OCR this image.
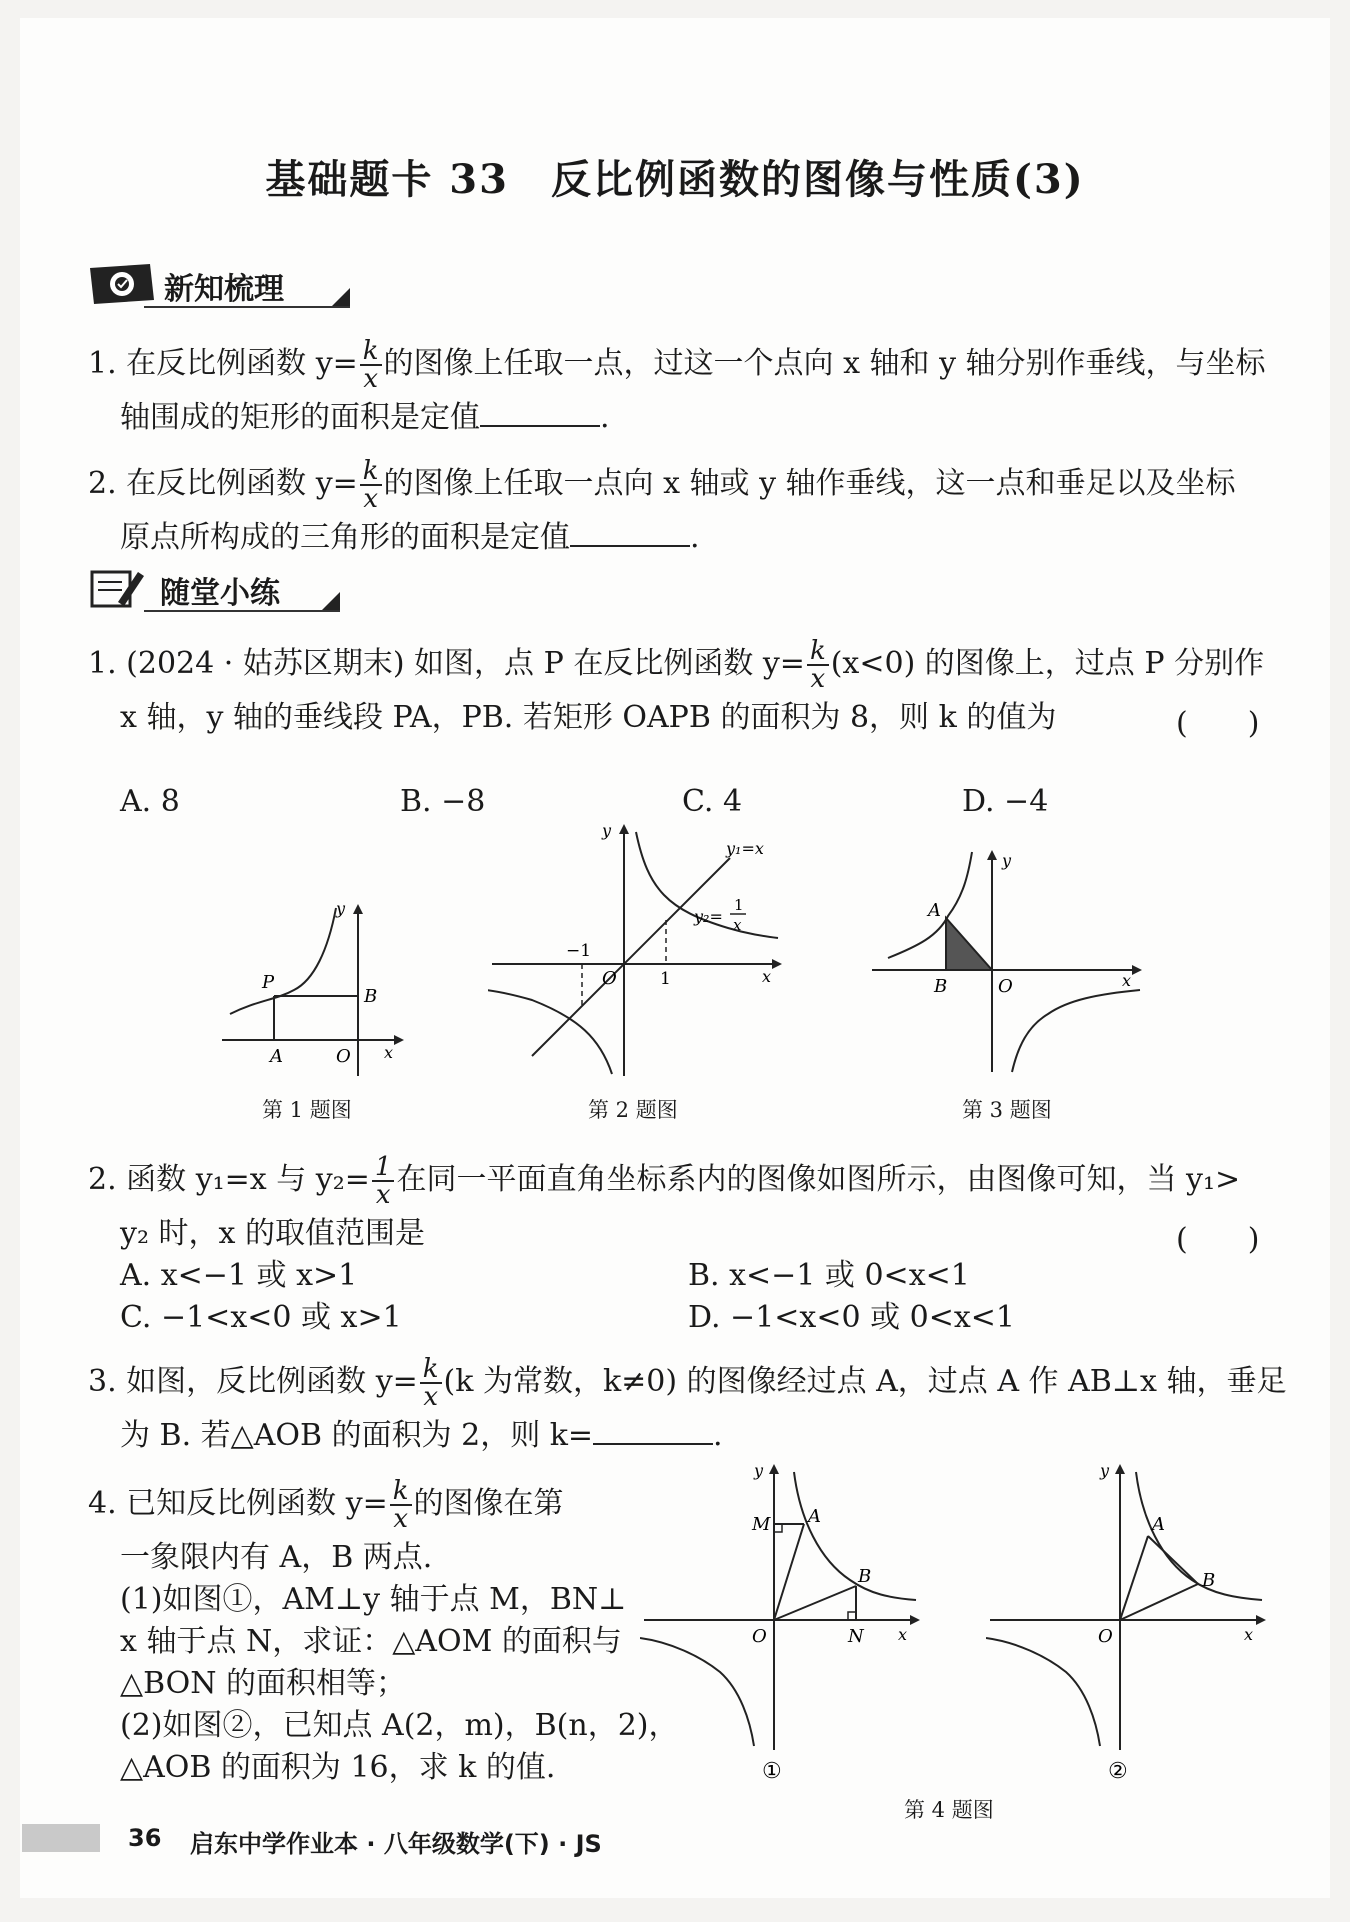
基础题卡 33　反比例函数的图像与性质(3)
新知梳理
1. 在反比例函数 $y= \frac{k}{x}$ 的图像上任取一点，过这一个点向 x 轴和 y 轴分别作垂线，与坐标
轴围成的矩形的面积是定值	.
2. 在反比例函数 $y= \frac{k}{x}$ 的图像上任取一点向 x 轴或 y 轴作垂线，这一点和垂足以及坐标
原点所构成的三角形的面积是定值	.
随堂小练
1. (2024 · 姑苏区期末) 如图，点 P 在反比例函数 $y= \frac{k}{x} (x<0)$ 的图像上，过点 P 分别作
x 轴，y 轴的垂线段 PA，PB. 若矩形 OAPB 的面积为 8，则 k 的值为	(　　)
A. 8	B. −8	C. 4	D. −4
P
A
B
O x
y
第 1 题图
−1
1
O	x
y
y₁=x
y₂=
1
x
第 2 题图
A
B	O	x
y
第 3 题图
2. 函数 y₁=x 与 $y_2= \frac{1}{x}$ 在同一平面直角坐标系内的图像如图所示，由图像可知，当 y₁>
y₂ 时，x 的取值范围是	(　　)
A. x<−1 或 x>1	B. x<−1 或 0<x<1
C. −1<x<0 或 x>1	D. −1<x<0 或 0<x<1
3. 如图，反比例函数 $y= \frac{k}{x} (k$ 为常数，k≠0) 的图像经过点 A，过点 A 作 AB⊥x 轴，垂足
为 B. 若△AOB 的面积为 2，则 k=	.
4. 已知反比例函数 $y= \frac{k}{x}$ 的图像在第
一象限内有 A，B 两点.
(1)如图①，AM⊥y 轴于点 M，BN⊥
x 轴于点 N，求证：△AOM 的面积与
△BON 的面积相等；
(2)如图②，已知点 A(2，m)，B(n，2)，
△AOB 的面积为 16，求 k 的值.
M A
B
N
O	x
y
①
A
B
O	x
y
②
第 4 题图
36 启东中学作业本 · 八年级数学(下) · JS
